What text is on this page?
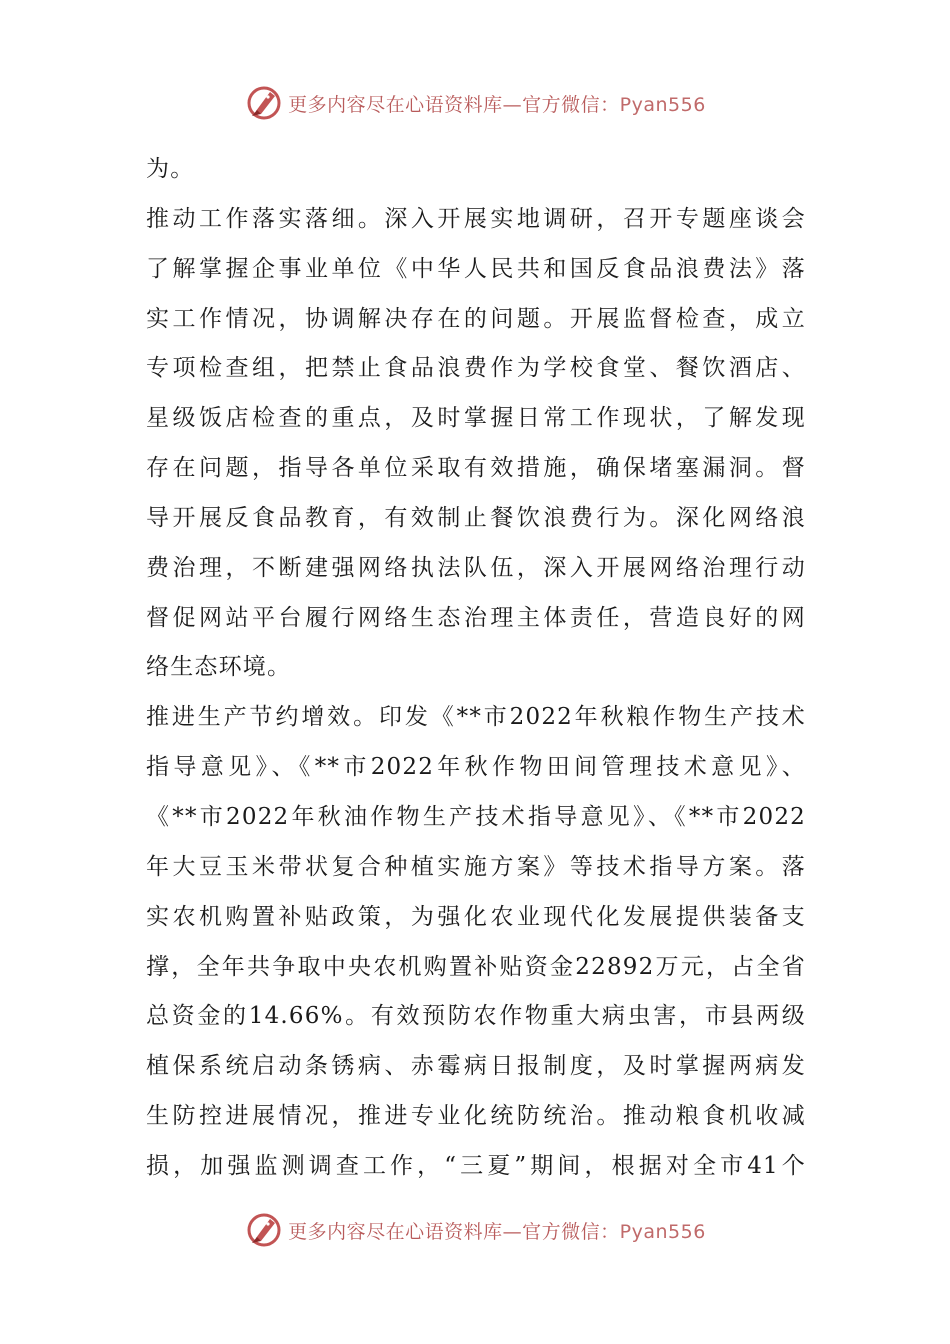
更多内容尽在心语资料库—官方微信：Pyan556
为。
推动工作落实落细。深入开展实地调研，召开专题座谈会
了解掌握企事业单位《中华人民共和国反食品浪费法》落
实工作情况，协调解决存在的问题。开展监督检查，成立
专项检查组，把禁止食品浪费作为学校食堂、餐饮酒店、
星级饭店检查的重点，及时掌握日常工作现状，了解发现
存在问题，指导各单位采取有效措施，确保堵塞漏洞。督
导开展反食品教育，有效制止餐饮浪费行为。深化网络浪
费治理，不断建强网络执法队伍，深入开展网络治理行动
督促网站平台履行网络生态治理主体责任，营造良好的网
络生态环境。
推进生产节约增效。印发《**市2022年秋粮作物生产技术
指导意见》、《**市2022年秋作物田间管理技术意见》、
《**市2022年秋油作物生产技术指导意见》、《**市2022
年大豆玉米带状复合种植实施方案》等技术指导方案。落
实农机购置补贴政策，为强化农业现代化发展提供装备支
撑，全年共争取中央农机购置补贴资金22892万元，占全省
总资金的14.66%。有效预防农作物重大病虫害，市县两级
植保系统启动条锈病、赤霉病日报制度，及时掌握两病发
生防控进展情况，推进专业化统防统治。推动粮食机收减
损，加强监测调查工作，“三夏”期间，根据对全市41个
更多内容尽在心语资料库—官方微信：Pyan556
